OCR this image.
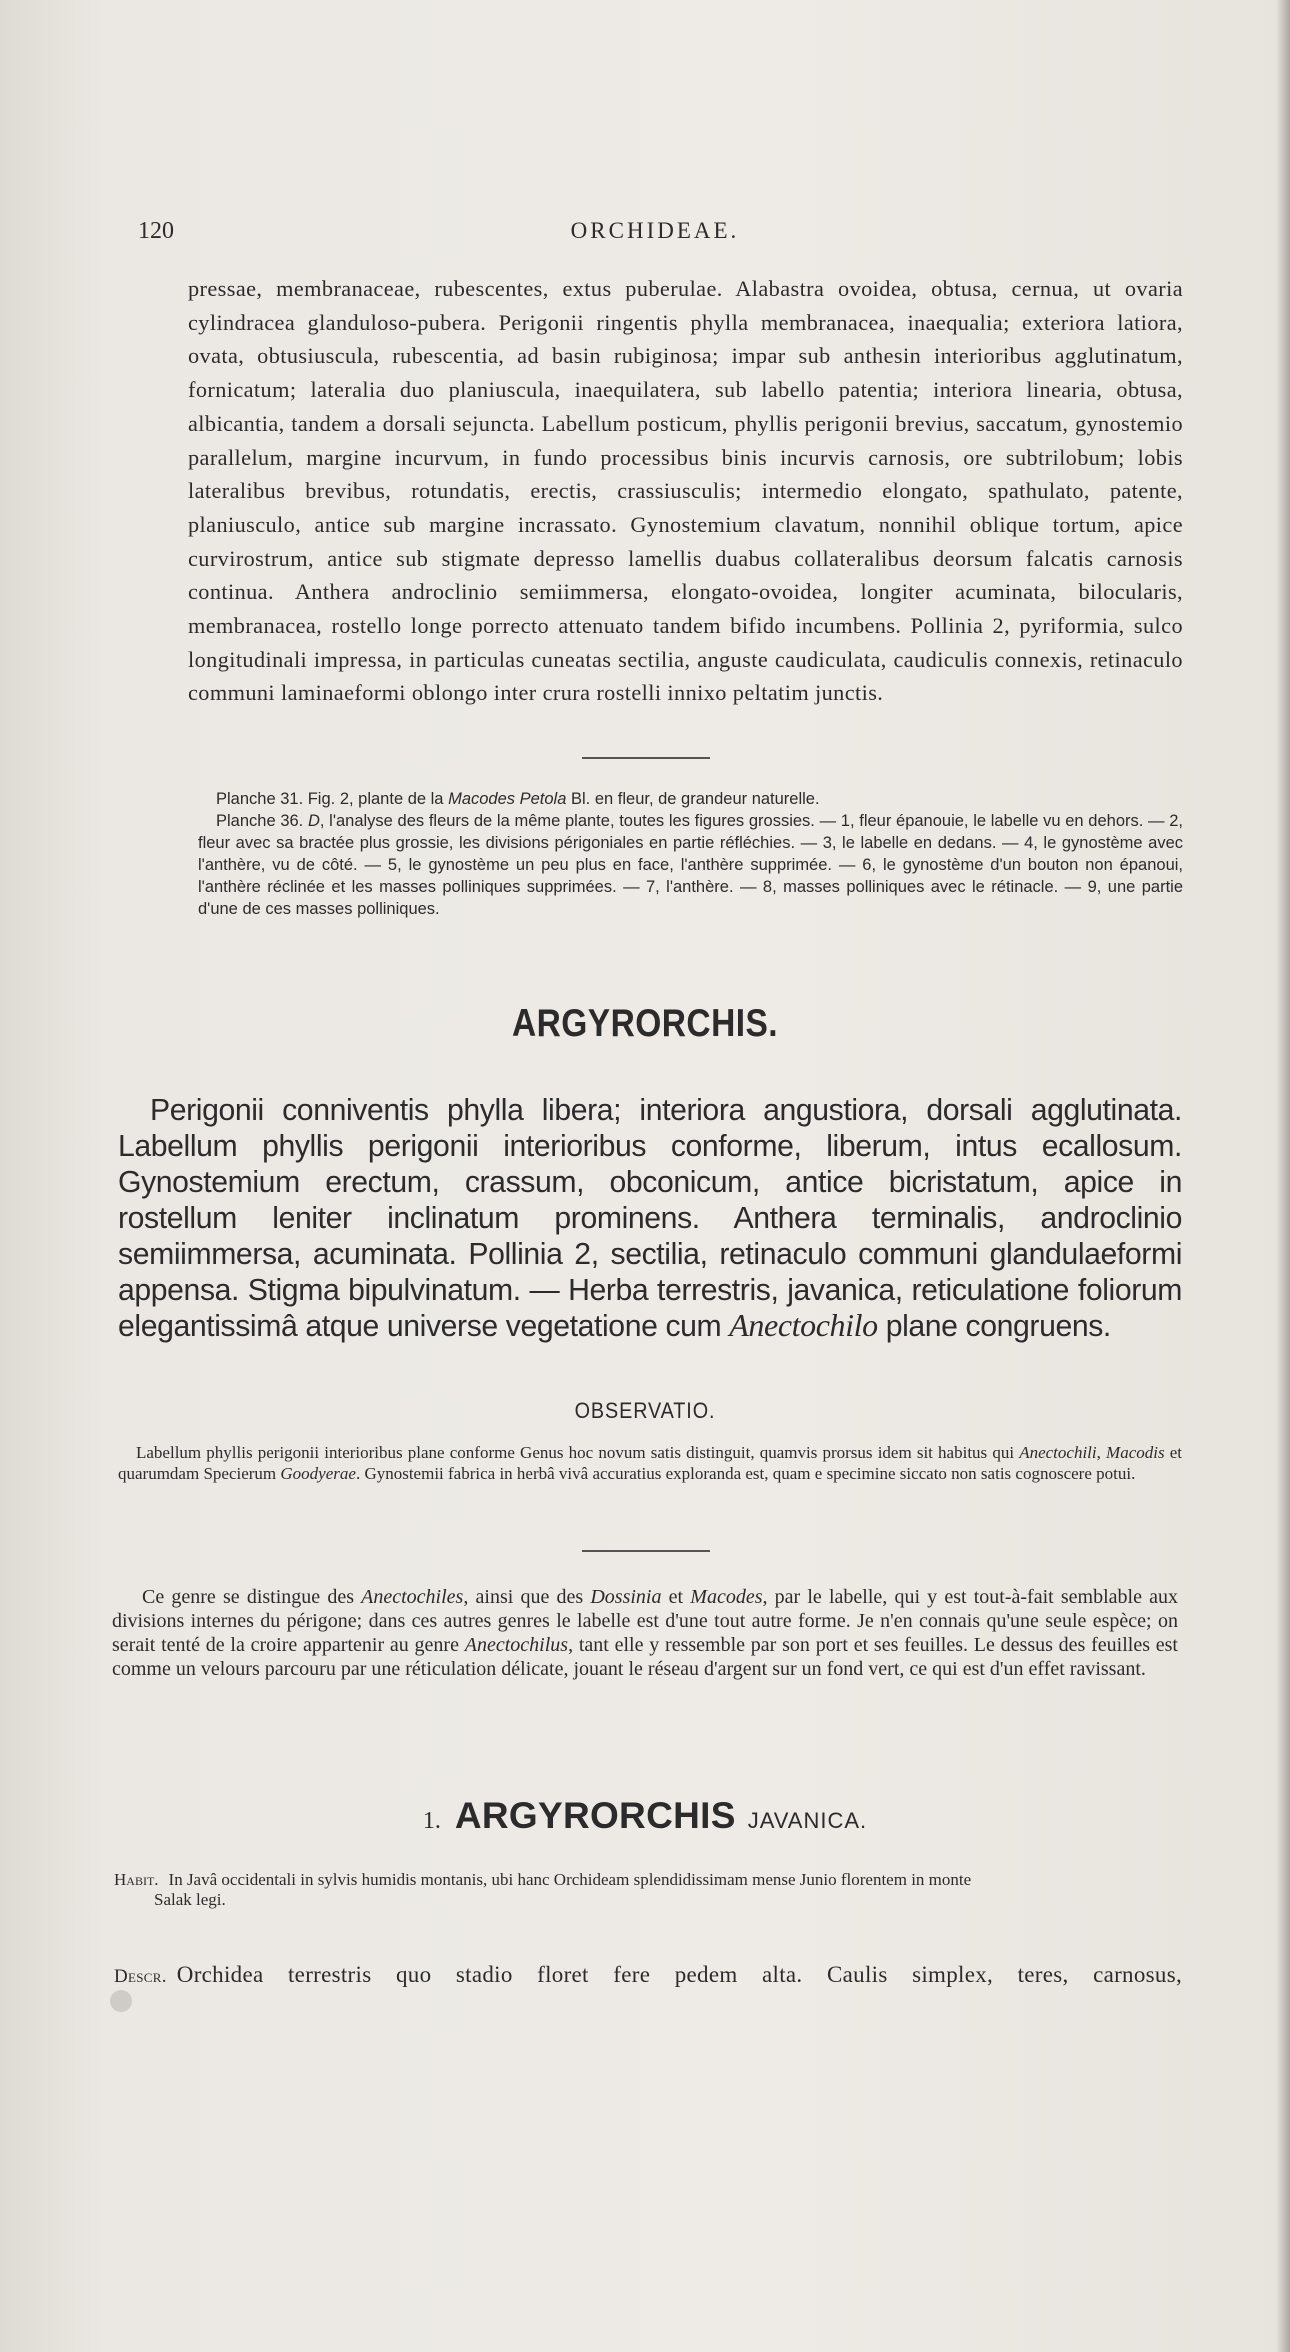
120	ORCHIDEAE.

pressae, membranaceae, rubescentes, extus puberulae. Alabastra ovoidea, obtusa, cernua, ut ovaria cylindracea glanduloso-pubera. Perigonii ringentis phylla membranacea, inaequalia; exteriora latiora, ovata, obtusiuscula, rubescentia, ad basin rubiginosa; impar sub anthesin interioribus agglutinatum, fornicatum; lateralia duo planiuscula, inaequilatera, sub labello patentia; interiora linearia, obtusa, albicantia, tandem a dorsali sejuncta. Labellum posticum, phyllis perigonii brevius, saccatum, gynostemio parallelum, margine incurvum, in fundo processibus binis incurvis carnosis, ore subtrilobum; lobis lateralibus brevibus, rotundatis, erectis, crassiusculis; intermedio elongato, spathulato, patente, planiusculo, antice sub margine incrassato. Gynostemium clavatum, nonnihil oblique tortum, apice curvirostrum, antice sub stigmate depresso lamellis duabus collateralibus deorsum falcatis carnosis continua. Anthera androclinio semiimmersa, elongato-ovoidea, longiter acuminata, bilocularis, membranacea, rostello longe porrecto attenuato tandem bifido incumbens. Pollinia 2, pyriformia, sulco longitudinali impressa, in particulas cuneatas sectilia, anguste caudiculata, caudiculis connexis, retinaculo communi laminaeformi oblongo inter crura rostelli innixo peltatim junctis.

Planche 31. Fig. 2, plante de la Macodes Petola Bl. en fleur, de grandeur naturelle.

Planche 36. D, l'analyse des fleurs de la même plante, toutes les figures grossies. — 1, fleur épanouie, le labelle vu en dehors. — 2, fleur avec sa bractée plus grossie, les divisions périgoniales en partie réfléchies. — 3, le labelle en dedans. — 4, le gynostème avec l'anthère, vu de côté. — 5, le gynostème un peu plus en face, l'anthère supprimée. — 6, le gynostème d'un bouton non épanoui, l'anthère réclinée et les masses polliniques supprimées. — 7, l'anthère. — 8, masses polliniques avec le rétinacle. — 9, une partie d'une de ces masses polliniques.

ARGYRORCHIS.

Perigonii conniventis phylla libera; interiora angustiora, dorsali agglutinata. Labellum phyllis perigonii interioribus conforme, liberum, intus ecallosum. Gynostemium erectum, crassum, obconicum, antice bicristatum, apice in rostellum leniter inclinatum prominens. Anthera terminalis, androclinio semiimmersa, acuminata. Pollinia 2, sectilia, retinaculo communi glandulaeformi appensa. Stigma bipulvinatum. — Herba terrestris, javanica, reticulatione foliorum elegantissimâ atque universe vegetatione cum Anectochilo plane congruens.

OBSERVATIO.

Labellum phyllis perigonii interioribus plane conforme Genus hoc novum satis distinguit, quamvis prorsus idem sit habitus qui Anectochili, Macodis et quarumdam Specierum Goodyerae. Gynostemii fabrica in herbâ vivâ accuratius exploranda est, quam e specimine siccato non satis cognoscere potui.

Ce genre se distingue des Anectochiles, ainsi que des Dossinia et Macodes, par le labelle, qui y est tout-à-fait semblable aux divisions internes du périgone; dans ces autres genres le labelle est d'une tout autre forme. Je n'en connais qu'une seule espèce; on serait tenté de la croire appartenir au genre Anectochilus, tant elle y ressemble par son port et ses feuilles. Le dessus des feuilles est comme un velours parcouru par une réticulation délicate, jouant le réseau d'argent sur un fond vert, ce qui est d'un effet ravissant.

1. ARGYRORCHIS JAVANICA.
Habit. In Javâ occidentali in sylvis humidis montanis, ubi hanc Orchideam splendidissimam mense Junio florentem in monte
Salak legi.

Descr. Orchidea terrestris quo stadio floret fere pedem alta. Caulis simplex, teres, carnosus,
